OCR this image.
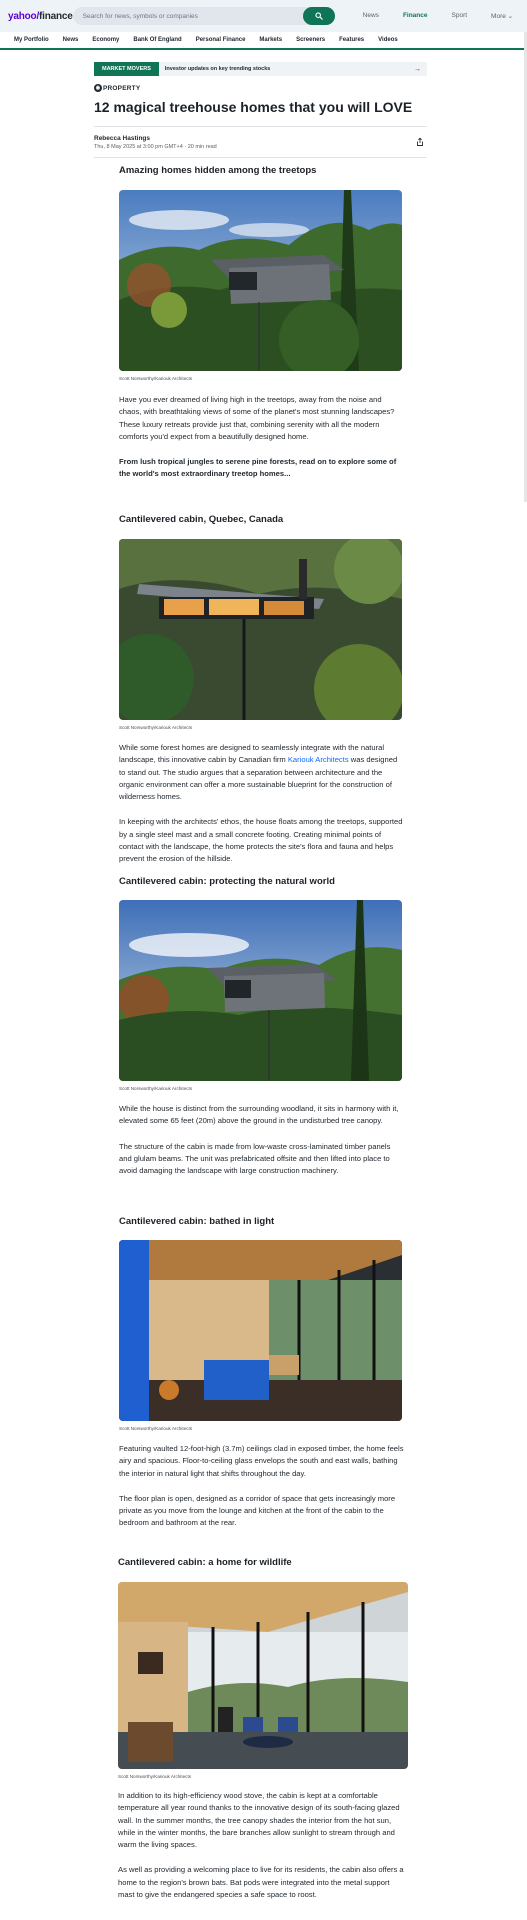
yahoo/finance
Search for news, symbols or companies	News	Finance	Sport	More ⌄
My Portfolio News Economy Bank Of England Personal Finance Markets Screeners Features Videos
MARKET MOVERS	Investor updates on key trending stocks	→
◉ PROPERTY
12 magical treehouse homes that you will LOVE
Rebecca Hastings
Thu, 8 May 2025 at 3:00 pm GMT+4 · 20 min read
Amazing homes hidden among the treetops
Scott Norsworthy/Kariouk Architects

Have you ever dreamed of living high in the treetops, away from the noise and chaos, with breathtaking views of some of the planet's most stunning landscapes? These luxury retreats provide just that, combining serenity with all the modern comforts you'd expect from a beautifully designed home.

From lush tropical jungles to serene pine forests, read on to explore some of the world's most extraordinary treetop homes...

Cantilevered cabin, Quebec, Canada
Scott Norsworthy/Kariouk Architects

While some forest homes are designed to seamlessly integrate with the natural landscape, this innovative cabin by Canadian firm Kariouk Architects was designed to stand out. The studio argues that a separation between architecture and the organic environment can offer a more sustainable blueprint for the construction of wilderness homes.

In keeping with the architects' ethos, the house floats among the treetops, supported by a single steel mast and a small concrete footing. Creating minimal points of contact with the landscape, the home protects the site's flora and fauna and helps prevent the erosion of the hillside.

Cantilevered cabin: protecting the natural world
Scott Norsworthy/Kariouk Architects

While the house is distinct from the surrounding woodland, it sits in harmony with it, elevated some 65 feet (20m) above the ground in the undisturbed tree canopy.

The structure of the cabin is made from low-waste cross-laminated timber panels and glulam beams. The unit was prefabricated offsite and then lifted into place to avoid damaging the landscape with large construction machinery.

Cantilevered cabin: bathed in light
Scott Norsworthy/Kariouk Architects

Featuring vaulted 12-foot-high (3.7m) ceilings clad in exposed timber, the home feels airy and spacious. Floor-to-ceiling glass envelops the south and east walls, bathing the interior in natural light that shifts throughout the day.

The floor plan is open, designed as a corridor of space that gets increasingly more private as you move from the lounge and kitchen at the front of the cabin to the bedroom and bathroom at the rear.

Cantilevered cabin: a home for wildlife
Scott Norsworthy/Kariouk Architects

In addition to its high-efficiency wood stove, the cabin is kept at a comfortable temperature all year round thanks to the innovative design of its south-facing glazed wall. In the summer months, the tree canopy shades the interior from the hot sun, while in the winter months, the bare branches allow sunlight to stream through and warm the living spaces.

As well as providing a welcoming place to live for its residents, the cabin also offers a home to the region's brown bats. Bat pods were integrated into the metal support mast to give the endangered species a safe space to roost.
